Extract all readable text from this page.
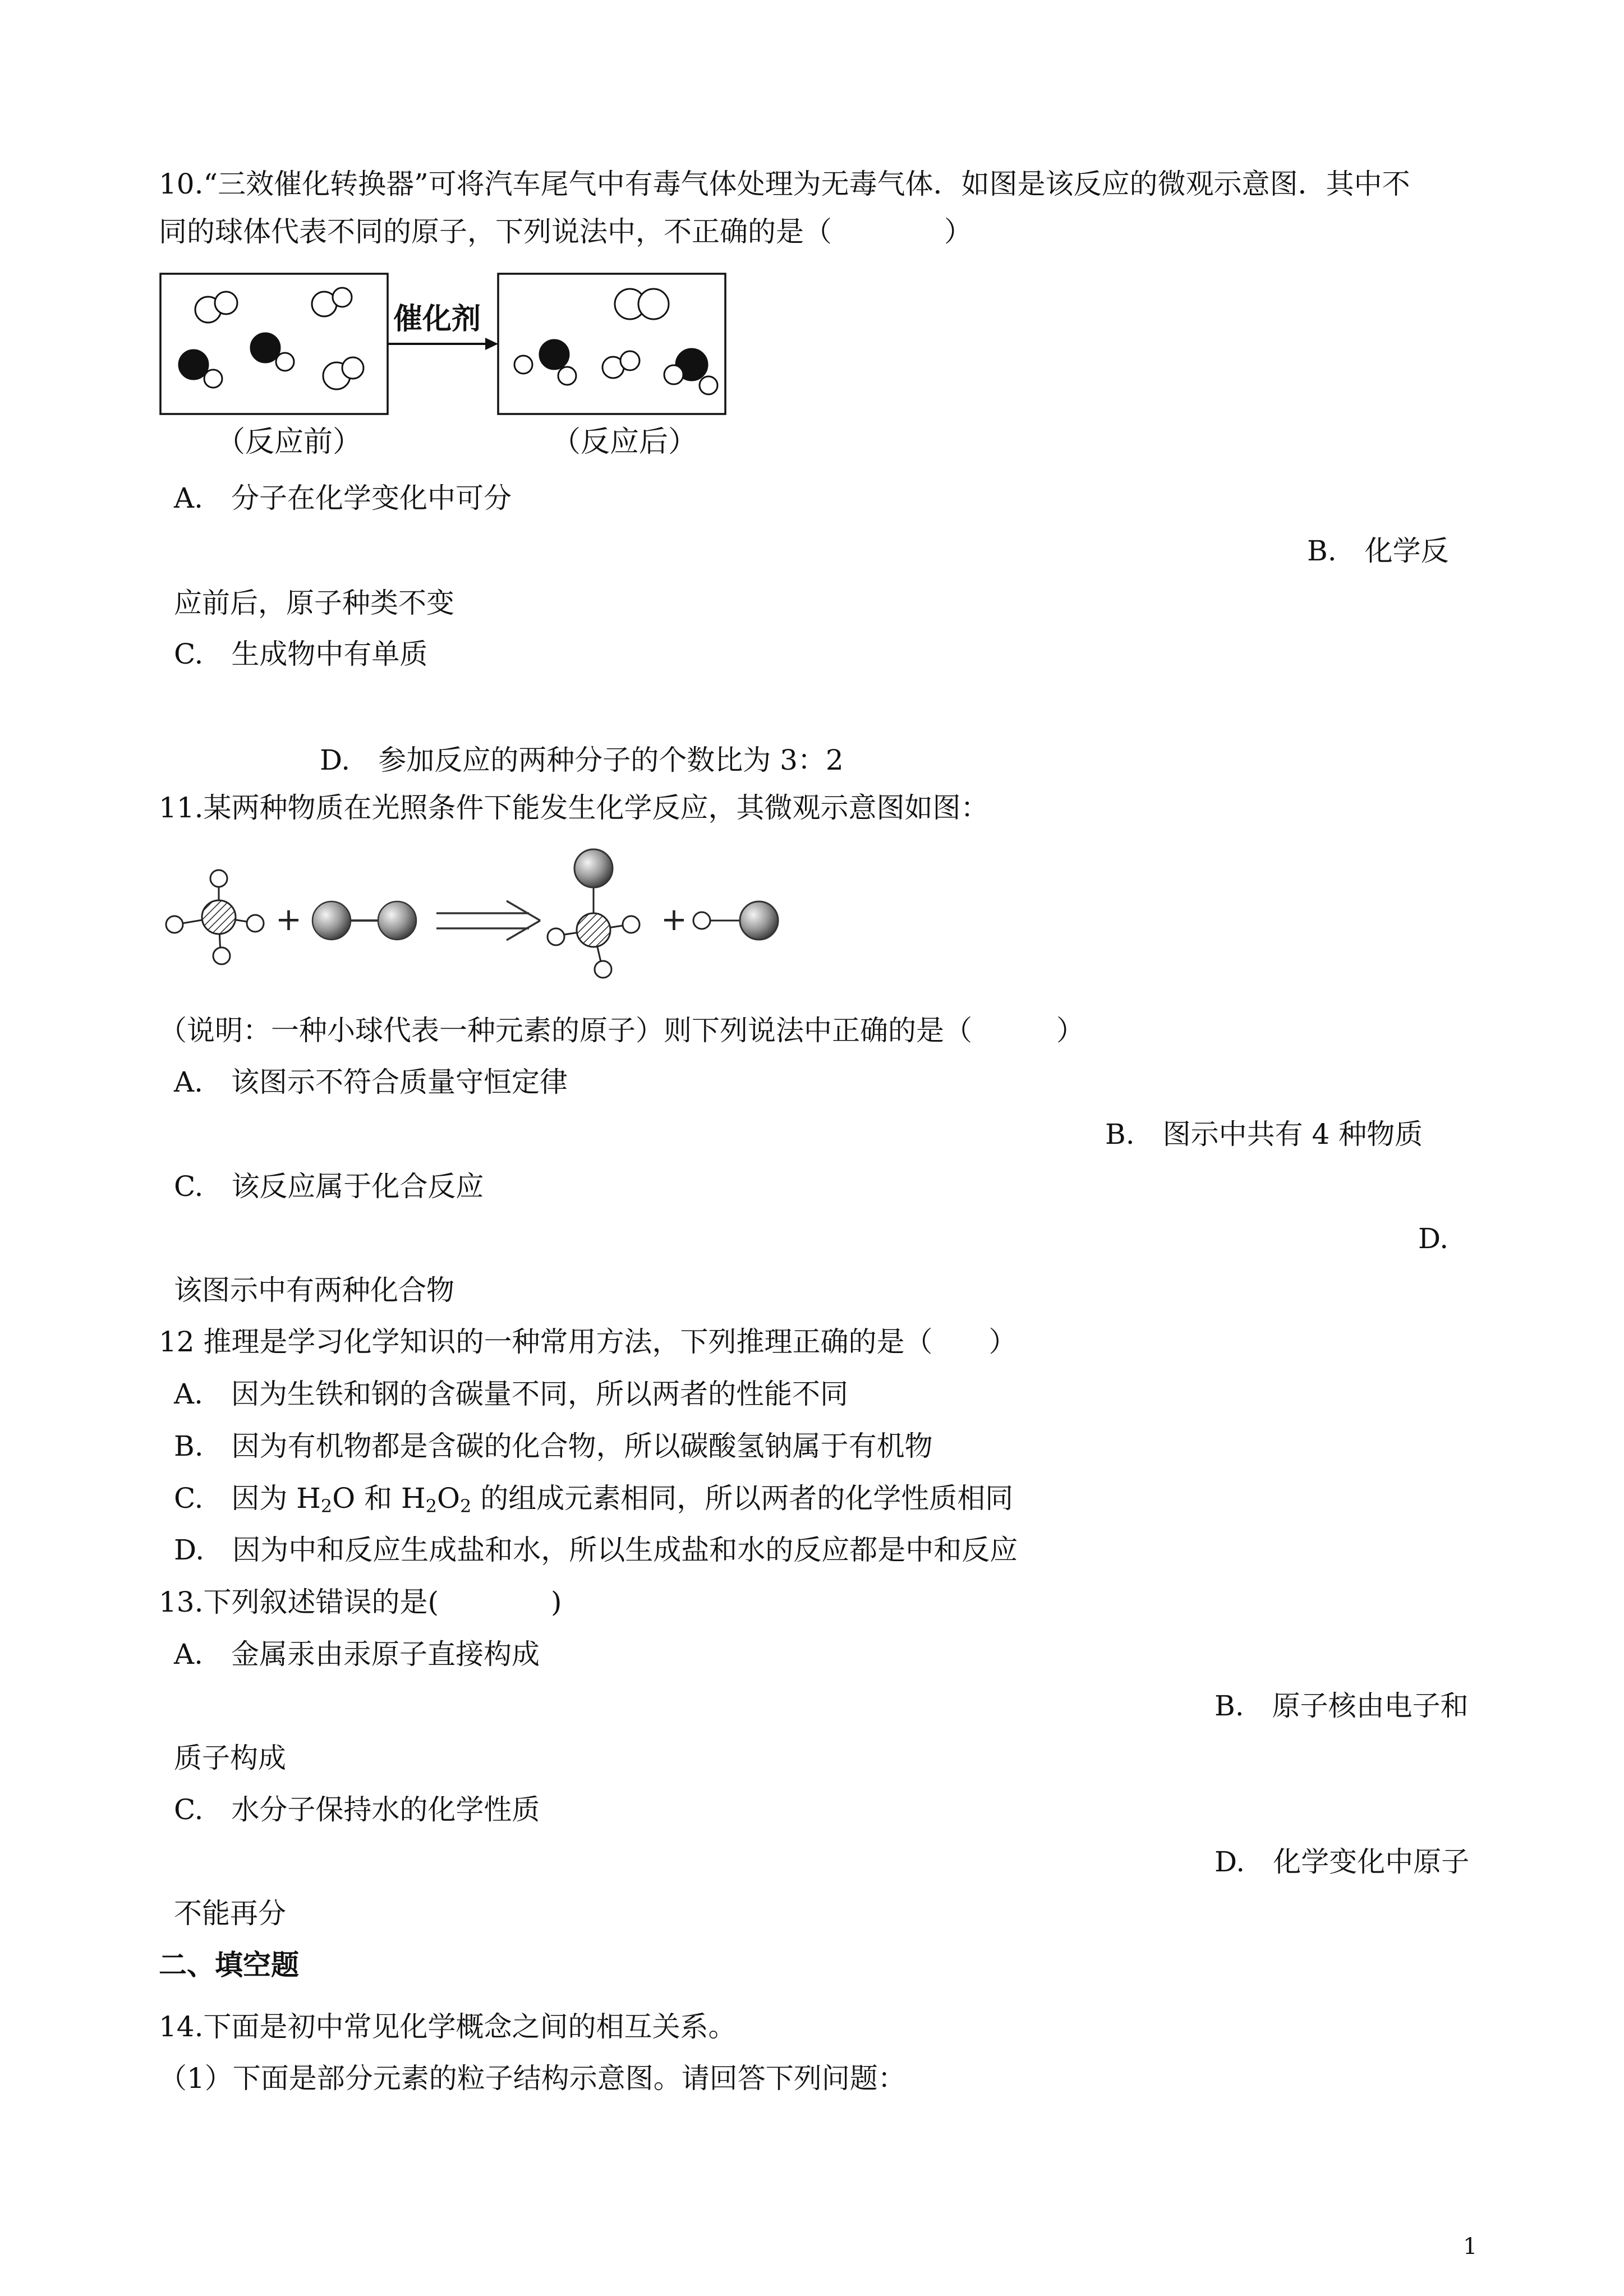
10.“三效催化转换器”可将汽车尾气中有毒气体处理为无毒气体．如图是该反应的微观示意图．其中不
同的球体代表不同的原子，下列说法中，不正确的是（　　　　）
催化剂
（反应前）	（反应后）
A.　分子在化学变化中可分
B.　化学反
应前后，原子种类不变
C.　生成物中有单质
D.　参加反应的两种分子的个数比为 3：2
11.某两种物质在光照条件下能发生化学反应，其微观示意图如图：
+	+
（说明：一种小球代表一种元素的原子）则下列说法中正确的是（　　　）
A.　该图示不符合质量守恒定律
B.　图示中共有 4 种物质
C.　该反应属于化合反应
D.
该图示中有两种化合物
12 推理是学习化学知识的一种常用方法，下列推理正确的是（　　）
A.　因为生铁和钢的含碳量不同，所以两者的性能不同
B.　因为有机物都是含碳的化合物，所以碳酸氢钠属于有机物
C.　因为 $H_2O$ 和 $H_2O_2$ 的组成元素相同，所以两者的化学性质相同
D.　因为中和反应生成盐和水，所以生成盐和水的反应都是中和反应
13.下列叙述错误的是(　　　　)
A.　金属汞由汞原子直接构成
B.　原子核由电子和
质子构成
C.　水分子保持水的化学性质
D.　化学变化中原子
不能再分
二、填空题
14.下面是初中常见化学概念之间的相互关系。
（1）下面是部分元素的粒子结构示意图。请回答下列问题：
1
